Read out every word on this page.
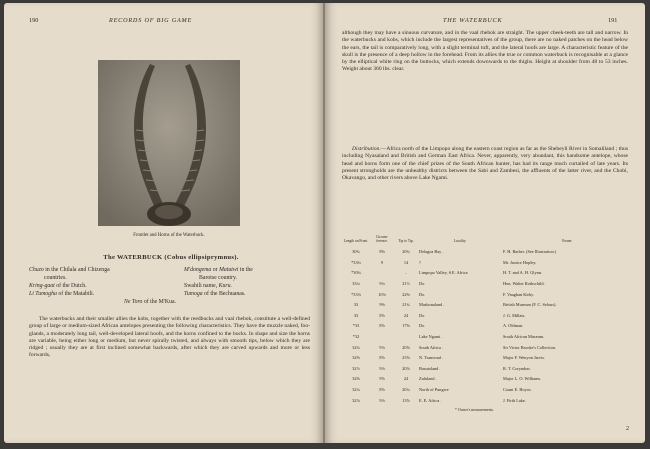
190	RECORDS OF BIG GAME
Frontlet and Horns of the Waterbuck.
The WATERBUCK (Cobus ellipsiprymnus).
Chuzo in the Chilala and Chizenga	M'dongema or Matutwi in the
countries.	Barotse country.
Kring-gaat of the Dutch.	Swahili name, Kuru.
Li Tumogha of the Matabili.	Tumoga of the Bechuanas.
Ne Toro of the M'Kua.

The waterbucks and their smaller allies the kobs, together with the reedbucks and vaal rhebok, constitute a well-defined group of large or medium-sized African antelopes presenting the following characteristics. They have the muzzle naked, foo-glands, a moderately long tail, well-developed lateral hoofs, and the horns confined to the bucks. In shape and size the horns are variable, being either long or medium, but never spirally twisted, and always with smooth tips, below which they are ridged ; usually they are at first inclined somewhat backwards, after which they are carved upwards and more or less forwards,

THE WATERBUCK	191

although they may have a sinuous curvature, and in the vaal rhebok are straight. The upper cheek-teeth are tall and narrow. In the waterbucks and kobs, which include the largest representatives of the group, there are no naked patches on the head below the ears, the tail is comparatively long, with a slight terminal tuft, and the lateral hoofs are large. A characteristic feature of the skull is the presence of a deep hollow in the forehead. From its allies the true or common waterbuck is recognisable at a glance by the elliptical white ring on the buttocks, which extends downwards to the thighs. Height at shoulder from 48 to 53 inches. Weight about 360 lbs. clear.

Distribution.—Africa north of the Limpopo along the eastern coast region as far as the Shebeyli River in Somaliland ; thus including Nyasaland and British and German East Africa. Never, apparently, very abundant, this handsome antelope, whose head and horns form one of the chief prizes of the South African hunter, has had its range much curtailed of late years. Its present strongholds are the unhealthy districts between the Sabi and Zambesi, the affluents of the latter river, and the Chobi, Okavango, and other rivers above Lake Ngami.

Length on Front.	Circum-ference.	Tip to Tip.	Locality.	Owner.
30¾	8⅝	20¾	Delagoa Bay .	F. H. Barber. (See Illustration.)
*33¾	9	14	?	Mr. Justice Hopley.
*30¾		..	Limpopo Valley, S.E. Africa	H. T. and A. H. Glynn.
33¼	9¼	21½	Do.	Hon. Walter Rothschild.
*33⅛	10⅛	22⅝	Do.	F. Vaughan Kirby.
33	9⅜	21¾	Mashonaland .	British Museum (F. C. Selous).
33	8⅞	24	Do.	J. G. Millais.
*33	8⅞	17⅝	Do.	A. Oldman.
*32			Lake Ngami .	South African Museum.
32¾	9⅛	20⅞	South Africa .	Sir Victor Brooke's Collection.
32⅝	8⅞	23⅞	N. Transvaal .	Major F. Wenyon Jarvis.
32½	9⅛	20⅛	Basutoland .	R. T. Coryndon.
32⅜	9⅞	24	Zululand .	Major L. O. Williams.
32¼	8⅞	20¼	North of Pungwe	Count E. Hoyos.
32⅛	9⅛	13⅞	E. E. Africa .	J. Firth Lake.
* Owner's measurements.
2
